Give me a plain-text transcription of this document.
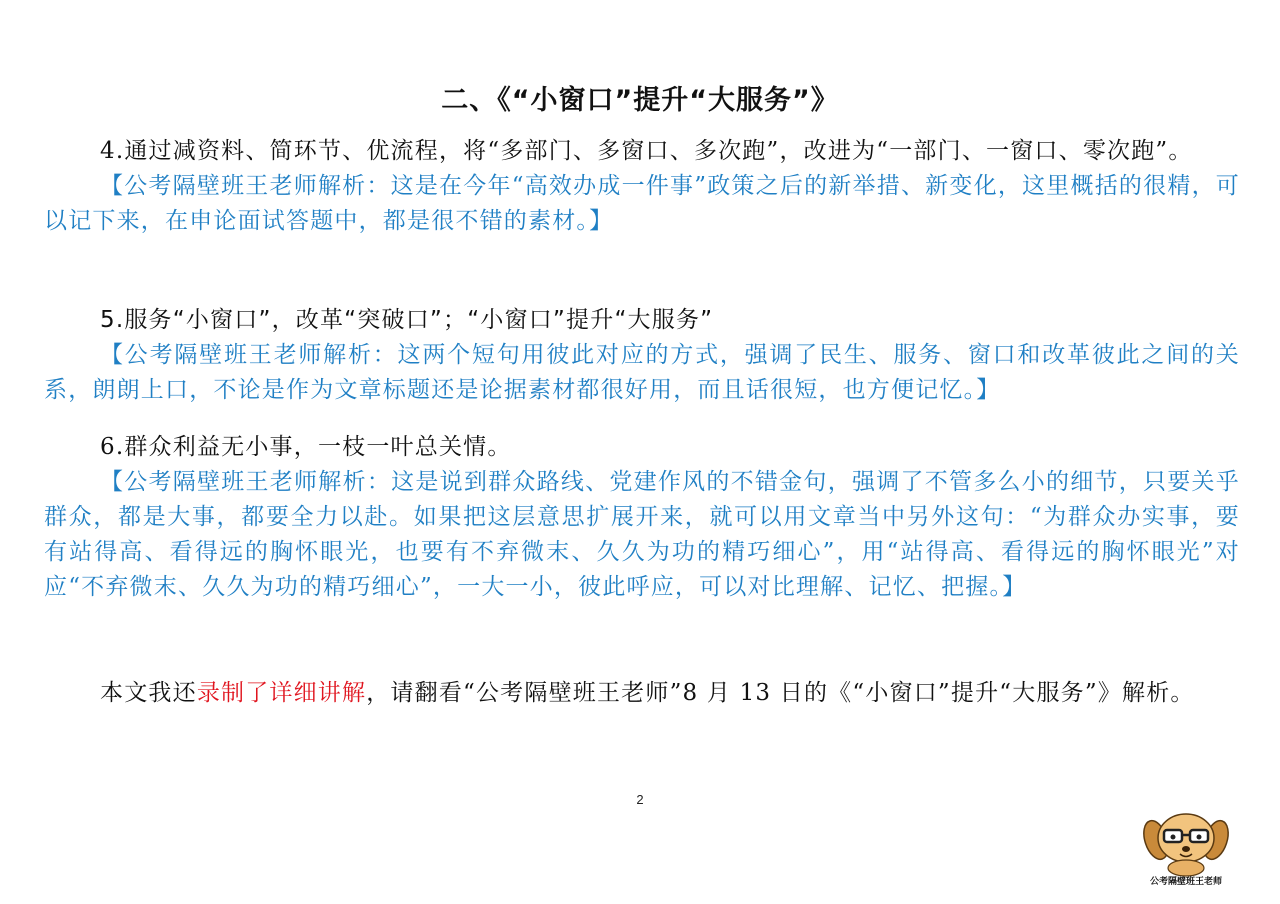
二、《“小窗口”提升“大服务”》

4.通过减资料、简环节、优流程，将“多部门、多窗口、多次跑”，改进为“一部门、一窗口、零次跑”。

【公考隔壁班王老师解析：这是在今年“高效办成一件事”政策之后的新举措、新变化，这里概括的很精，可以记下来，在申论面试答题中，都是很不错的素材。】

5.服务“小窗口”，改革“突破口”；“小窗口”提升“大服务”

【公考隔壁班王老师解析：这两个短句用彼此对应的方式，强调了民生、服务、窗口和改革彼此之间的关系，朗朗上口，不论是作为文章标题还是论据素材都很好用，而且话很短，也方便记忆。】

6.群众利益无小事，一枝一叶总关情。

【公考隔壁班王老师解析：这是说到群众路线、党建作风的不错金句，强调了不管多么小的细节，只要关乎群众，都是大事，都要全力以赴。如果把这层意思扩展开来，就可以用文章当中另外这句：“为群众办实事，要有站得高、看得远的胸怀眼光，也要有不弃微末、久久为功的精巧细心”，用“站得高、看得远的胸怀眼光”对应“不弃微末、久久为功的精巧细心”，一大一小，彼此呼应，可以对比理解、记忆、把握。】

本文我还录制了详细讲解，请翻看“公考隔壁班王老师”8 月 13 日的《“小窗口”提升“大服务”》解析。

2
公考隔壁班王老师
